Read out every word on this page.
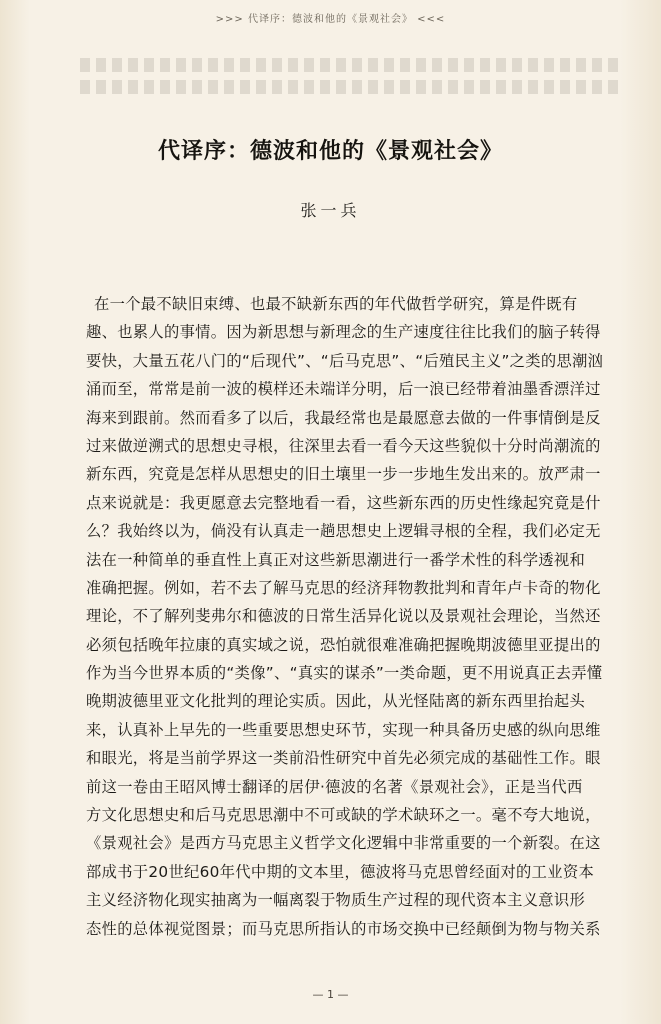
>>> 代译序：德波和他的《景观社会》 <<<
代译序：德波和他的《景观社会》
张一兵
在一个最不缺旧束缚、也最不缺新东西的年代做哲学研究，算是件既有
趣、也累人的事情。因为新思想与新理念的生产速度往往比我们的脑子转得
要快，大量五花八门的“后现代”、“后马克思”、“后殖民主义”之类的思潮汹
涌而至，常常是前一波的模样还未端详分明，后一浪已经带着油墨香漂洋过
海来到跟前。然而看多了以后，我最经常也是最愿意去做的一件事情倒是反
过来做逆溯式的思想史寻根，往深里去看一看今天这些貌似十分时尚潮流的
新东西，究竟是怎样从思想史的旧土壤里一步一步地生发出来的。放严肃一
点来说就是：我更愿意去完整地看一看，这些新东西的历史性缘起究竟是什
么？我始终以为，倘没有认真走一趟思想史上逻辑寻根的全程，我们必定无
法在一种简单的垂直性上真正对这些新思潮进行一番学术性的科学透视和
准确把握。例如，若不去了解马克思的经济拜物教批判和青年卢卡奇的物化
理论，不了解列斐弗尔和德波的日常生活异化说以及景观社会理论，当然还
必须包括晚年拉康的真实域之说，恐怕就很难准确把握晚期波德里亚提出的
作为当今世界本质的“类像”、“真实的谋杀”一类命题，更不用说真正去弄懂
晚期波德里亚文化批判的理论实质。因此，从光怪陆离的新东西里抬起头
来，认真补上早先的一些重要思想史环节，实现一种具备历史感的纵向思维
和眼光，将是当前学界这一类前沿性研究中首先必须完成的基础性工作。眼
前这一卷由王昭风博士翻译的居伊·德波的名著《景观社会》，正是当代西
方文化思想史和后马克思思潮中不可或缺的学术缺环之一。毫不夸大地说，
《景观社会》是西方马克思主义哲学文化逻辑中非常重要的一个新裂。在这
部成书于20世纪60年代中期的文本里，德波将马克思曾经面对的工业资本
主义经济物化现实抽离为一幅离裂于物质生产过程的现代资本主义意识形
态性的总体视觉图景；而马克思所指认的市场交换中已经颠倒为物与物关系
— 1 —
